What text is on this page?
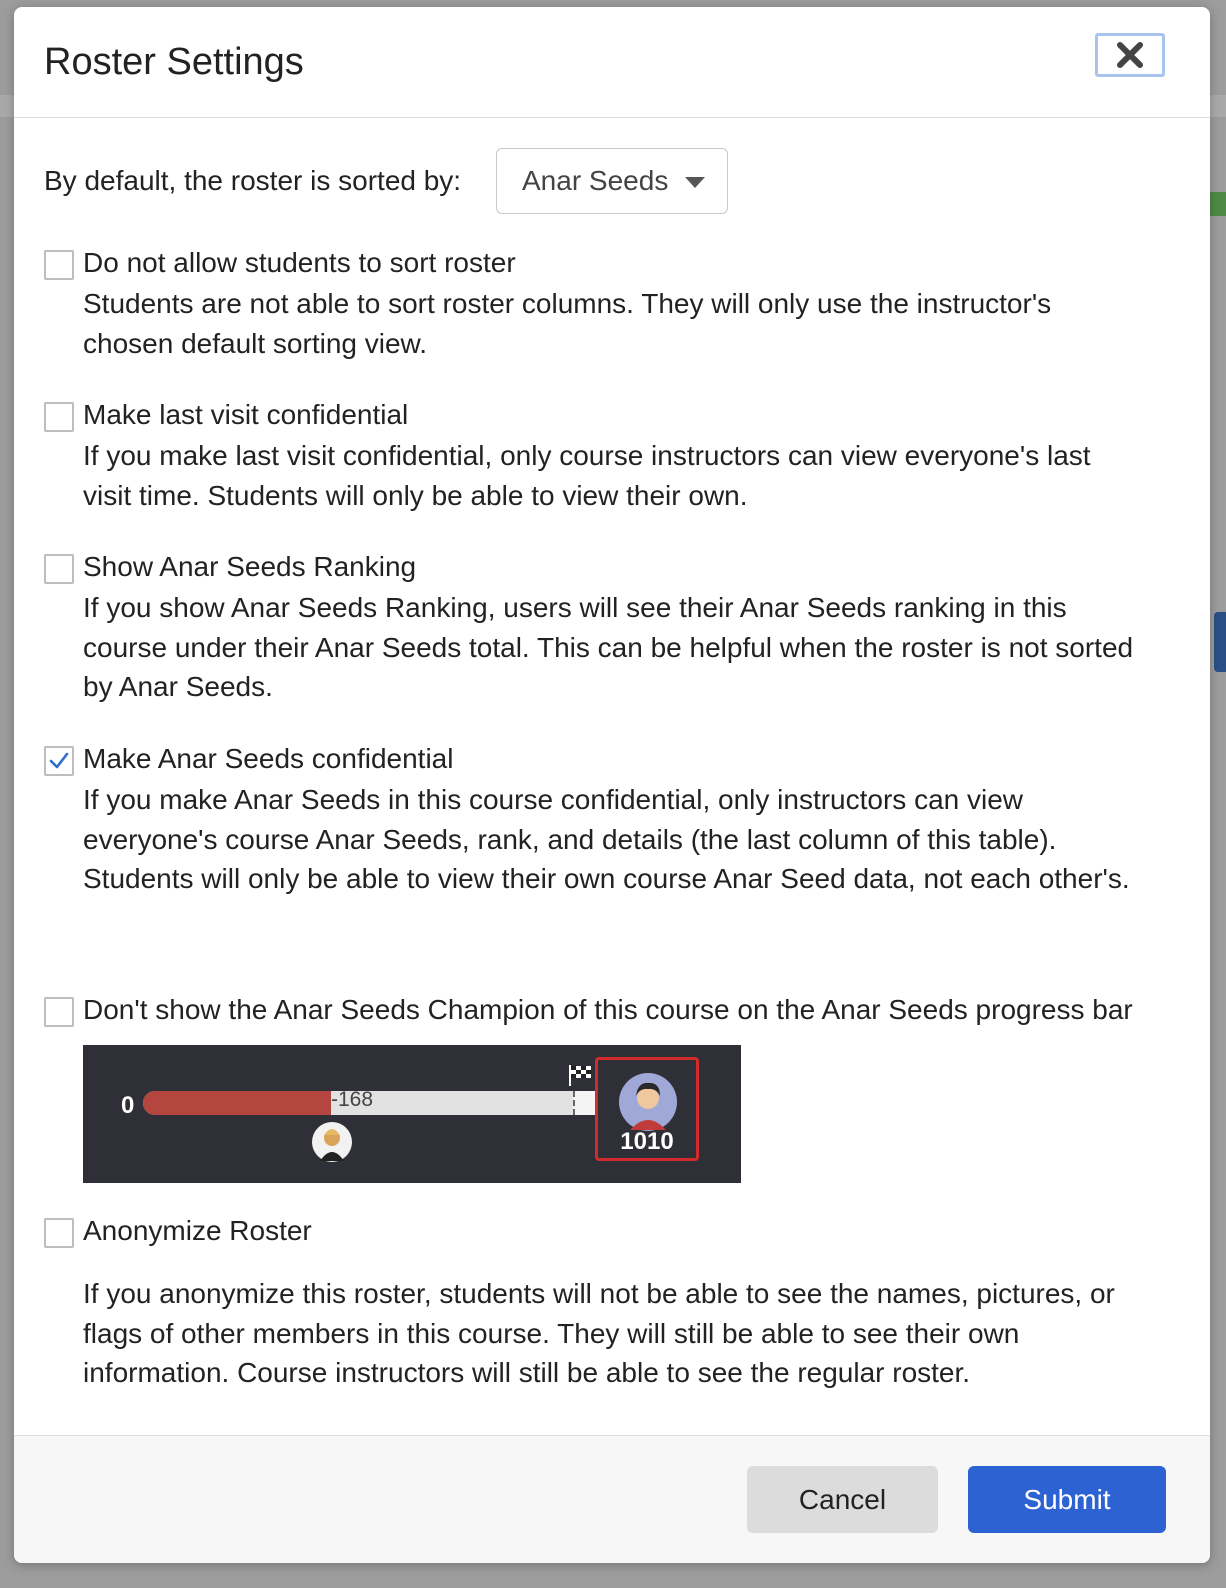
Roster Settings
By default, the roster is sorted by: Anar Seeds
Do not allow students to sort roster

Students are not able to sort roster columns. They will only use the instructor's chosen default sorting view.

Make last visit confidential

If you make last visit confidential, only course instructors can view everyone's last visit time. Students will only be able to view their own.

Show Anar Seeds Ranking

If you show Anar Seeds Ranking, users will see their Anar Seeds ranking in this course under their Anar Seeds total. This can be helpful when the roster is not sorted by Anar Seeds.

Make Anar Seeds confidential

If you make Anar Seeds in this course confidential, only instructors can view everyone's course Anar Seeds, rank, and details (the last column of this table). Students will only be able to view their own course Anar Seed data, not each other's.

Don't show the Anar Seeds Champion of this course on the Anar Seeds progress bar
0	-168
1010
Anonymize Roster

If you anonymize this roster, students will not be able to see the names, pictures, or flags of other members in this course. They will still be able to see their own information. Course instructors will still be able to see the regular roster.

Cancel	Submit
